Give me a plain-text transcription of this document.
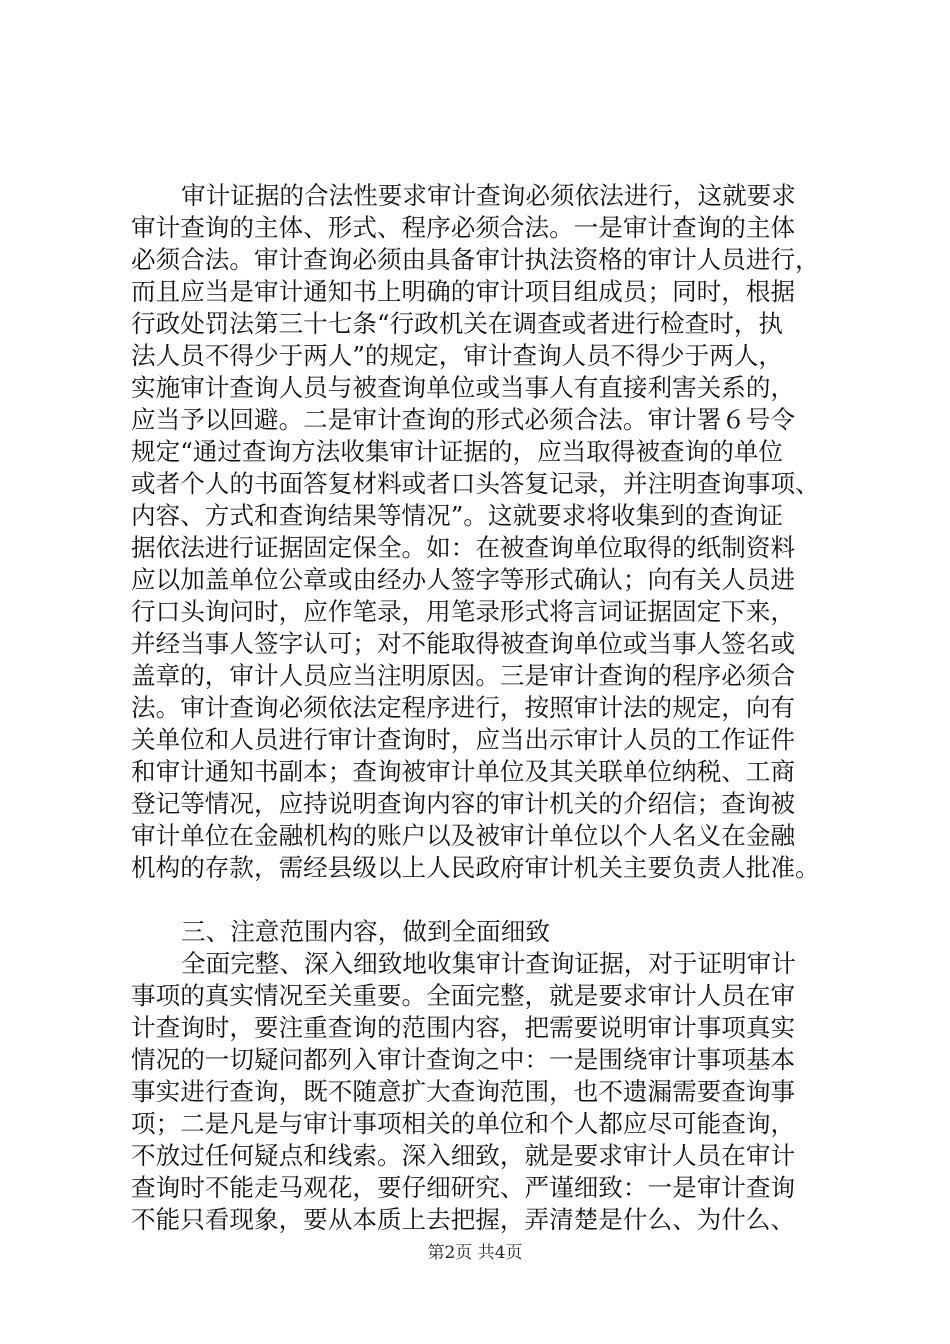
审计证据的合法性要求审计查询必须依法进行，这就要求
审计查询的主体、形式、程序必须合法。一是审计查询的主体
必须合法。审计查询必须由具备审计执法资格的审计人员进行，
而且应当是审计通知书上明确的审计项目组成员；同时，根据
行政处罚法第三十七条“行政机关在调查或者进行检查时，执
法人员不得少于两人”的规定，审计查询人员不得少于两人，
实施审计查询人员与被查询单位或当事人有直接利害关系的，
应当予以回避。二是审计查询的形式必须合法。审计署６号令
规定“通过查询方法收集审计证据的，应当取得被查询的单位
或者个人的书面答复材料或者口头答复记录，并注明查询事项、
内容、方式和查询结果等情况”。这就要求将收集到的查询证
据依法进行证据固定保全。如：在被查询单位取得的纸制资料
应以加盖单位公章或由经办人签字等形式确认；向有关人员进
行口头询问时，应作笔录，用笔录形式将言词证据固定下来，
并经当事人签字认可；对不能取得被查询单位或当事人签名或
盖章的，审计人员应当注明原因。三是审计查询的程序必须合
法。审计查询必须依法定程序进行，按照审计法的规定，向有
关单位和人员进行审计查询时，应当出示审计人员的工作证件
和审计通知书副本；查询被审计单位及其关联单位纳税、工商
登记等情况，应持说明查询内容的审计机关的介绍信；查询被
审计单位在金融机构的账户以及被审计单位以个人名义在金融
机构的存款，需经县级以上人民政府审计机关主要负责人批准。
三、注意范围内容，做到全面细致
全面完整、深入细致地收集审计查询证据，对于证明审计
事项的真实情况至关重要。全面完整，就是要求审计人员在审
计查询时，要注重查询的范围内容，把需要说明审计事项真实
情况的一切疑问都列入审计查询之中：一是围绕审计事项基本
事实进行查询，既不随意扩大查询范围，也不遗漏需要查询事
项；二是凡是与审计事项相关的单位和个人都应尽可能查询，
不放过任何疑点和线索。深入细致，就是要求审计人员在审计
查询时不能走马观花，要仔细研究、严谨细致：一是审计查询
不能只看现象，要从本质上去把握，弄清楚是什么、为什么、
第2页 共4页
